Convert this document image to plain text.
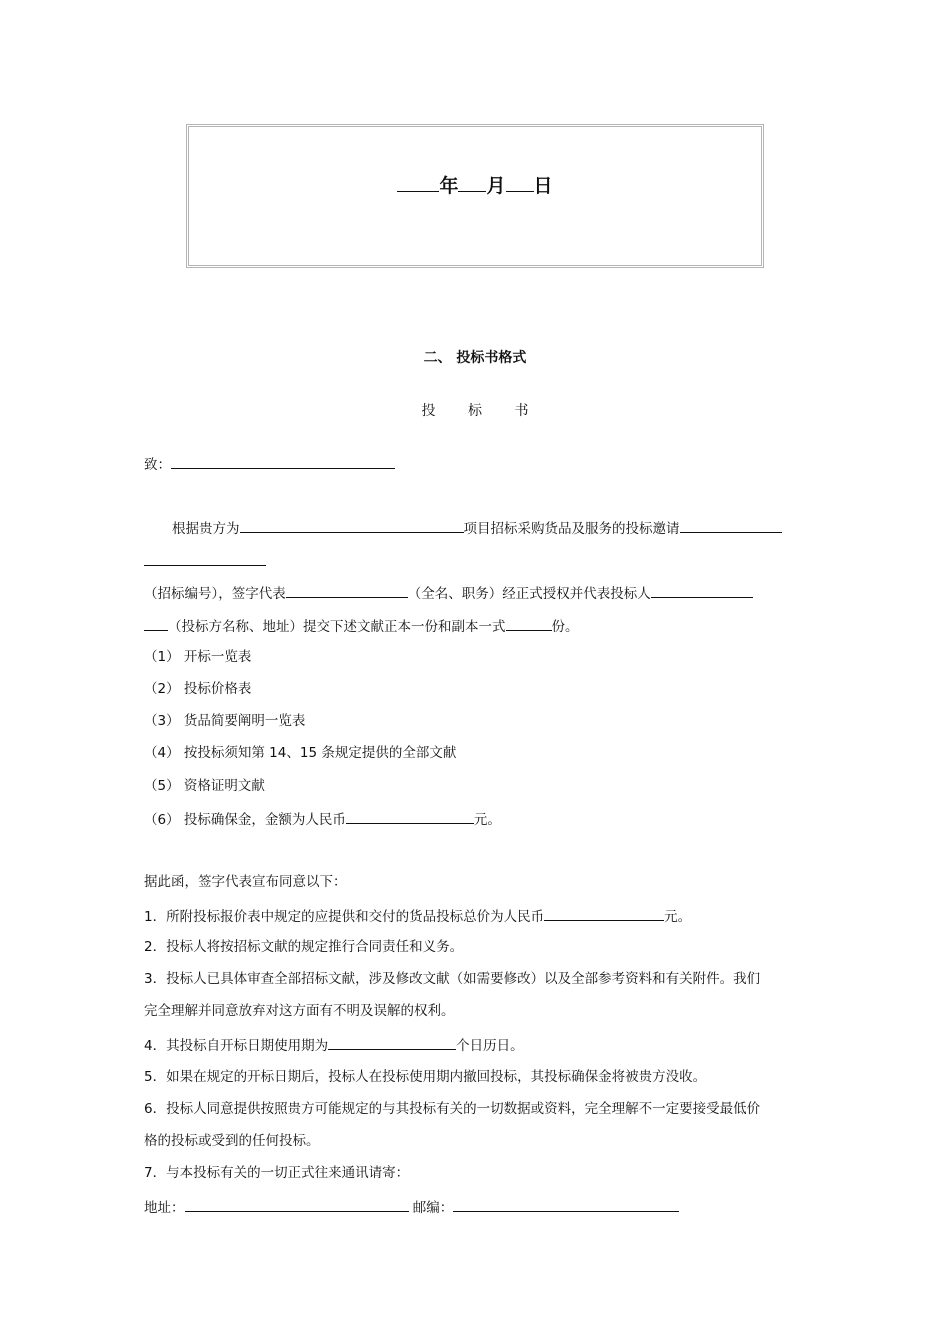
年 月 日
二、 投标书格式
投 标 书
致：
根据贵方为	项目招标采购货品及服务的投标邀请
（招标编号），签字代表	（全名、职务）经正式授权并代表投标人
（投标方名称、地址）提交下述文献正本一份和副本一式	份。
（1） 开标一览表
（2） 投标价格表
（3） 货品简要阐明一览表
（4） 按投标须知第 14、15 条规定提供的全部文献
（5） 资格证明文献
（6） 投标确保金，金额为人民币	元。
据此函，签字代表宣布同意以下：
1．所附投标报价表中规定的应提供和交付的货品投标总价为人民币	元。
2．投标人将按招标文献的规定推行合同责任和义务。
3．投标人已具体审查全部招标文献，涉及修改文献（如需要修改）以及全部参考资料和有关附件。我们
完全理解并同意放弃对这方面有不明及误解的权利。
4．其投标自开标日期使用期为	个日历日。
5．如果在规定的开标日期后，投标人在投标使用期内撤回投标，其投标确保金将被贵方没收。
6．投标人同意提供按照贵方可能规定的与其投标有关的一切数据或资料，完全理解不一定要接受最低价
格的投标或受到的任何投标。
7．与本投标有关的一切正式往来通讯请寄：
地址：	邮编：
